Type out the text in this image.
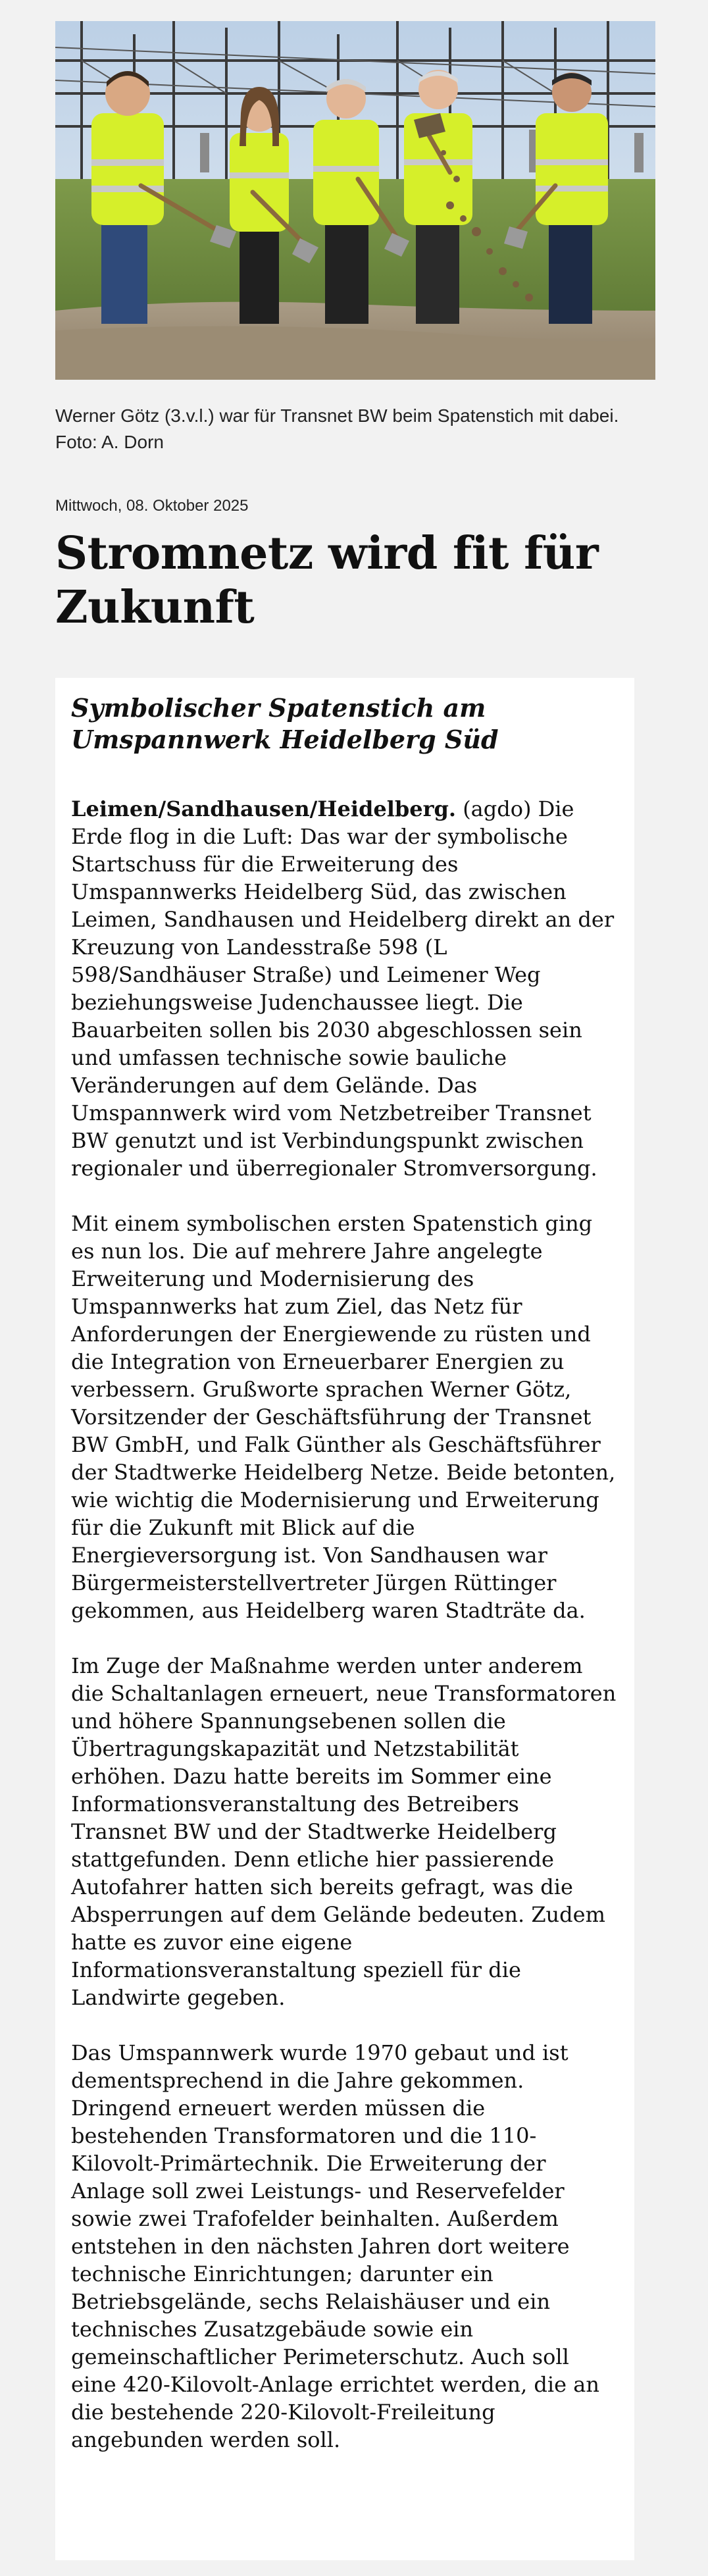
Werner Götz (3.v.l.) war für Transnet BW beim Spatenstich mit dabei. Foto: A. Dorn

Mittwoch, 08. Oktober 2025

Stromnetz wird fit für Zukunft
Symbolischer Spatenstich am Umspannwerk Heidelberg Süd

Leimen/Sandhausen/Heidelberg. (agdo) Die Erde flog in die Luft: Das war der symbolische Startschuss für die Erweiterung des Umspannwerks Heidelberg Süd, das zwischen Leimen, Sandhausen und Heidelberg direkt an der Kreuzung von Landesstraße 598 (L 598/Sandhäuser Straße) und Leimener Weg beziehungsweise Judenchaussee liegt. Die Bauarbeiten sollen bis 2030 abgeschlossen sein und umfassen technische sowie bauliche Veränderungen auf dem Gelände. Das Umspannwerk wird vom Netzbetreiber Transnet BW genutzt und ist Verbindungspunkt zwischen regionaler und überregionaler Stromversorgung.

Mit einem symbolischen ersten Spatenstich ging es nun los. Die auf mehrere Jahre angelegte Erweiterung und Modernisierung des Umspannwerks hat zum Ziel, das Netz für Anforderungen der Energiewende zu rüsten und die Integration von Erneuerbarer Energien zu verbessern. Grußworte sprachen Werner Götz, Vorsitzender der Geschäftsführung der Transnet BW GmbH, und Falk Günther als Geschäftsführer der Stadtwerke Heidelberg Netze. Beide betonten, wie wichtig die Modernisierung und Erweiterung für die Zukunft mit Blick auf die Energieversorgung ist. Von Sandhausen war Bürgermeisterstellvertreter Jürgen Rüttinger gekommen, aus Heidelberg waren Stadträte da.

Im Zuge der Maßnahme werden unter anderem die Schaltanlagen erneuert, neue Transformatoren und höhere Spannungsebenen sollen die Übertragungskapazität und Netzstabilität erhöhen. Dazu hatte bereits im Sommer eine Informationsveranstaltung des Betreibers Transnet BW und der Stadtwerke Heidelberg stattgefunden. Denn etliche hier passierende Autofahrer hatten sich bereits gefragt, was die Absperrungen auf dem Gelände bedeuten. Zudem hatte es zuvor eine eigene Informationsveranstaltung speziell für die Landwirte gegeben.

Das Umspannwerk wurde 1970 gebaut und ist dementsprechend in die Jahre gekommen. Dringend erneuert werden müssen die bestehenden Transformatoren und die 110-Kilovolt-Primärtechnik. Die Erweiterung der Anlage soll zwei Leistungs- und Reservefelder sowie zwei Trafofelder beinhalten. Außerdem entstehen in den nächsten Jahren dort weitere technische Einrichtungen; darunter ein Betriebsgelände, sechs Relaishäuser und ein technisches Zusatzgebäude sowie ein gemeinschaftlicher Perimeterschutz. Auch soll eine 420-Kilovolt-Anlage errichtet werden, die an die bestehende 220-Kilovolt-Freileitung angebunden werden soll.
